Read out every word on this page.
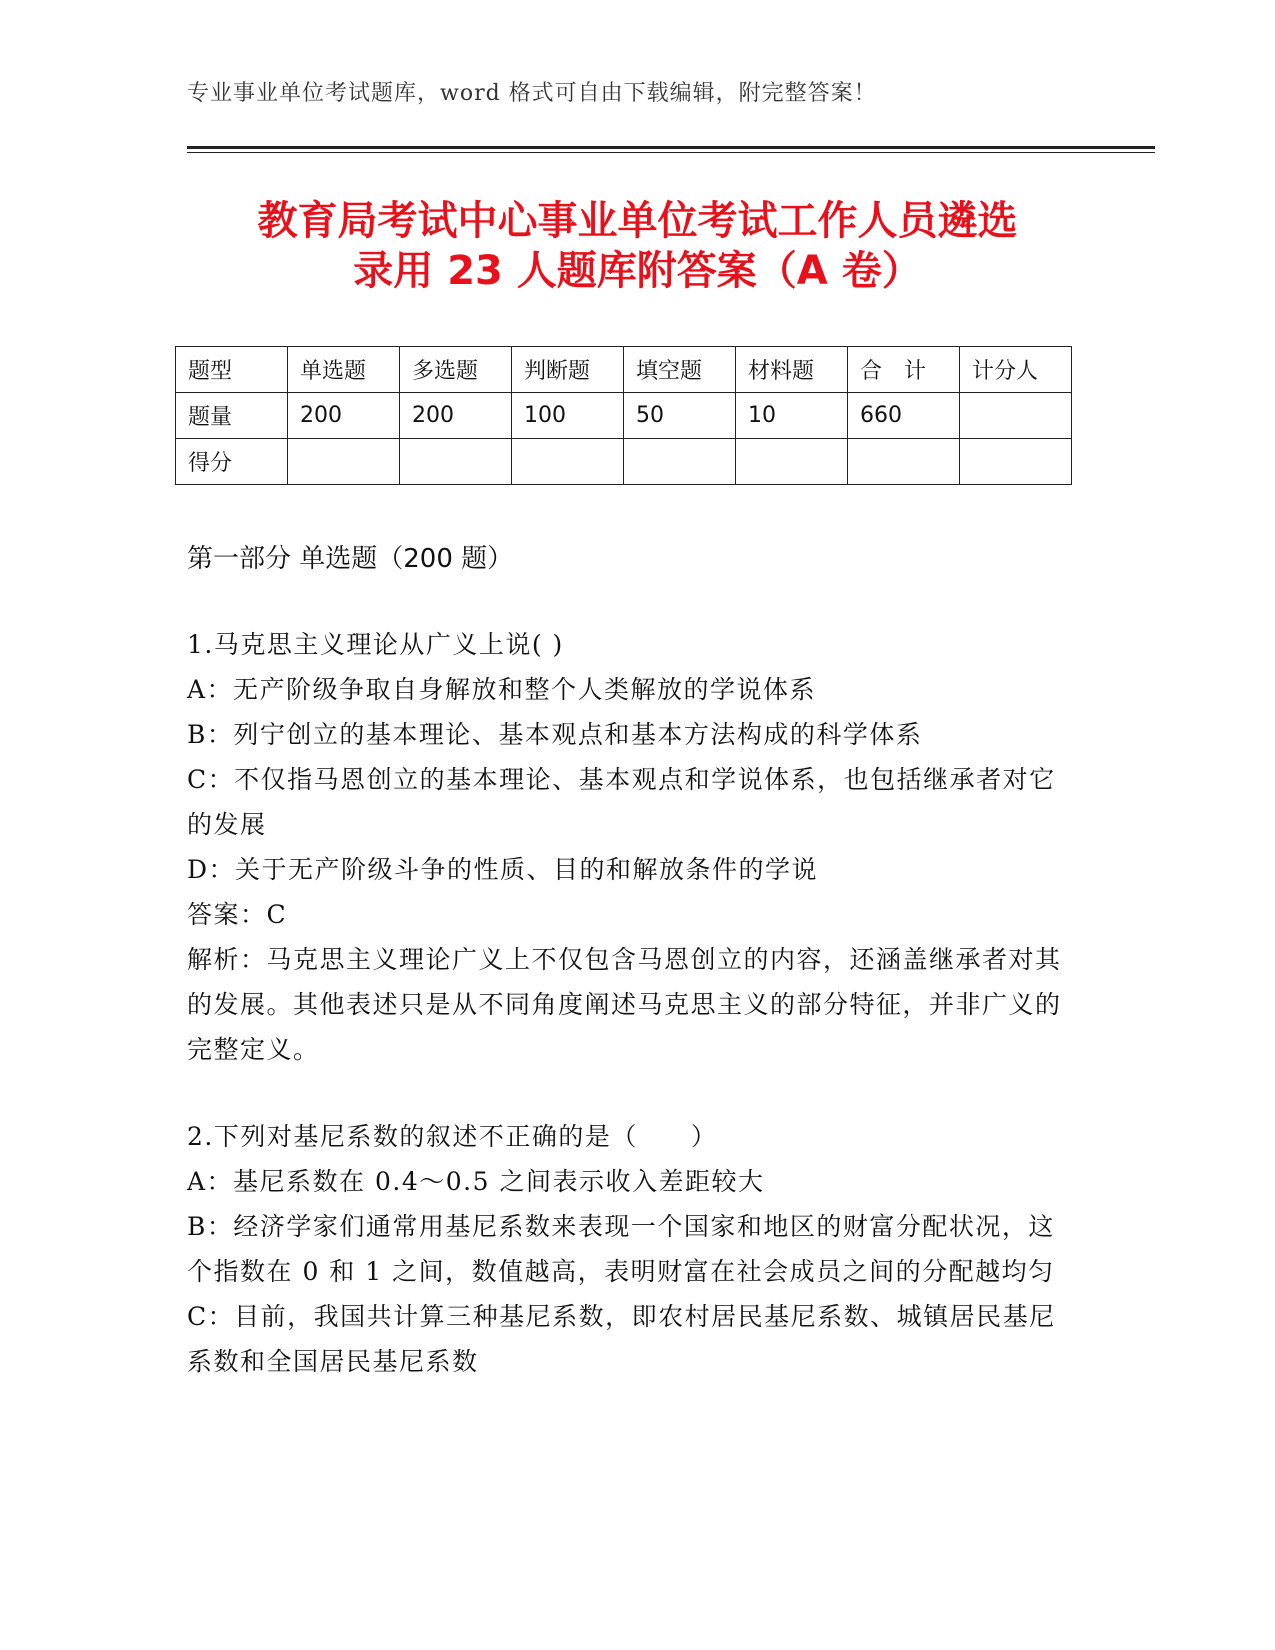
专业事业单位考试题库，word 格式可自由下载编辑，附完整答案！
教育局考试中心事业单位考试工作人员遴选
录用 23 人题库附答案（A 卷）
题型	单选题	多选题	判断题	填空题	材料题	合　计	计分人
题量	200	200	100	50	10	660	
得分							
第一部分 单选题（200 题）

1.马克思主义理论从广义上说( )

A：无产阶级争取自身解放和整个人类解放的学说体系

B：列宁创立的基本理论、基本观点和基本方法构成的科学体系

C：不仅指马恩创立的基本理论、基本观点和学说体系，也包括继承者对它的发展

D：关于无产阶级斗争的性质、目的和解放条件的学说

答案：C

解析：马克思主义理论广义上不仅包含马恩创立的内容，还涵盖继承者对其的发展。其他表述只是从不同角度阐述马克思主义的部分特征，并非广义的完整定义。

2.下列对基尼系数的叙述不正确的是（　　）

A：基尼系数在 0.4～0.5 之间表示收入差距较大

B：经济学家们通常用基尼系数来表现一个国家和地区的财富分配状况，这个指数在 0 和 1 之间，数值越高，表明财富在社会成员之间的分配越均匀

C：目前，我国共计算三种基尼系数，即农村居民基尼系数、城镇居民基尼系数和全国居民基尼系数
